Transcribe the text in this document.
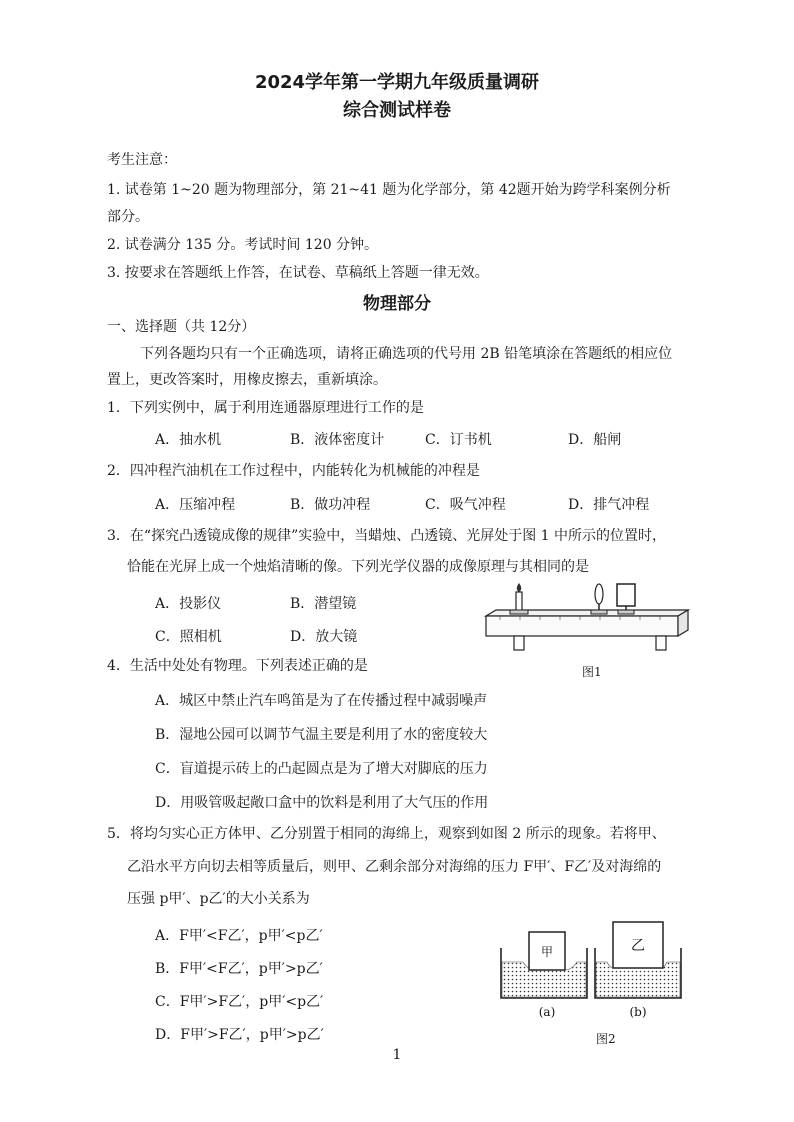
2024学年第一学期九年级质量调研
综合测试样卷
考生注意：
1. 试卷第 1~20 题为物理部分，第 21~41 题为化学部分，第 42题开始为跨学科案例分析
部分。
2. 试卷满分 135 分。考试时间 120 分钟。
3. 按要求在答题纸上作答，在试卷、草稿纸上答题一律无效。
物理部分
一、选择题（共 12分）
下列各题均只有一个正确选项，请将正确选项的代号用 2B 铅笔填涂在答题纸的相应位
置上，更改答案时，用橡皮擦去，重新填涂。
1．下列实例中，属于利用连通器原理进行工作的是
A．抽水机	B．液体密度计	C．订书机	D．船闸
2．四冲程汽油机在工作过程中，内能转化为机械能的冲程是
A．压缩冲程	B．做功冲程	C．吸气冲程	D．排气冲程
3．在“探究凸透镜成像的规律”实验中，当蜡烛、凸透镜、光屏处于图 1 中所示的位置时，
恰能在光屏上成一个烛焰清晰的像。下列光学仪器的成像原理与其相同的是
A．投影仪	B．潜望镜
C．照相机	D．放大镜
图1
4．生活中处处有物理。下列表述正确的是
A．城区中禁止汽车鸣笛是为了在传播过程中减弱噪声
B．湿地公园可以调节气温主要是利用了水的密度较大
C．盲道提示砖上的凸起圆点是为了增大对脚底的压力
D．用吸管吸起敞口盒中的饮料是利用了大气压的作用
5．将均匀实心正方体甲、乙分别置于相同的海绵上，观察到如图 2 所示的现象。若将甲、
乙沿水平方向切去相等质量后，则甲、乙剩余部分对海绵的压力 F甲′、F乙′及对海绵的
压强 p甲′、p乙′的大小关系为
A．F甲′<F乙′，p甲′<p乙′
B．F甲′<F乙′，p甲′>p乙′
C．F甲′>F乙′，p甲′<p乙′
D．F甲′>F乙′，p甲′>p乙′
甲	乙
(a)	(b)
图2
1
